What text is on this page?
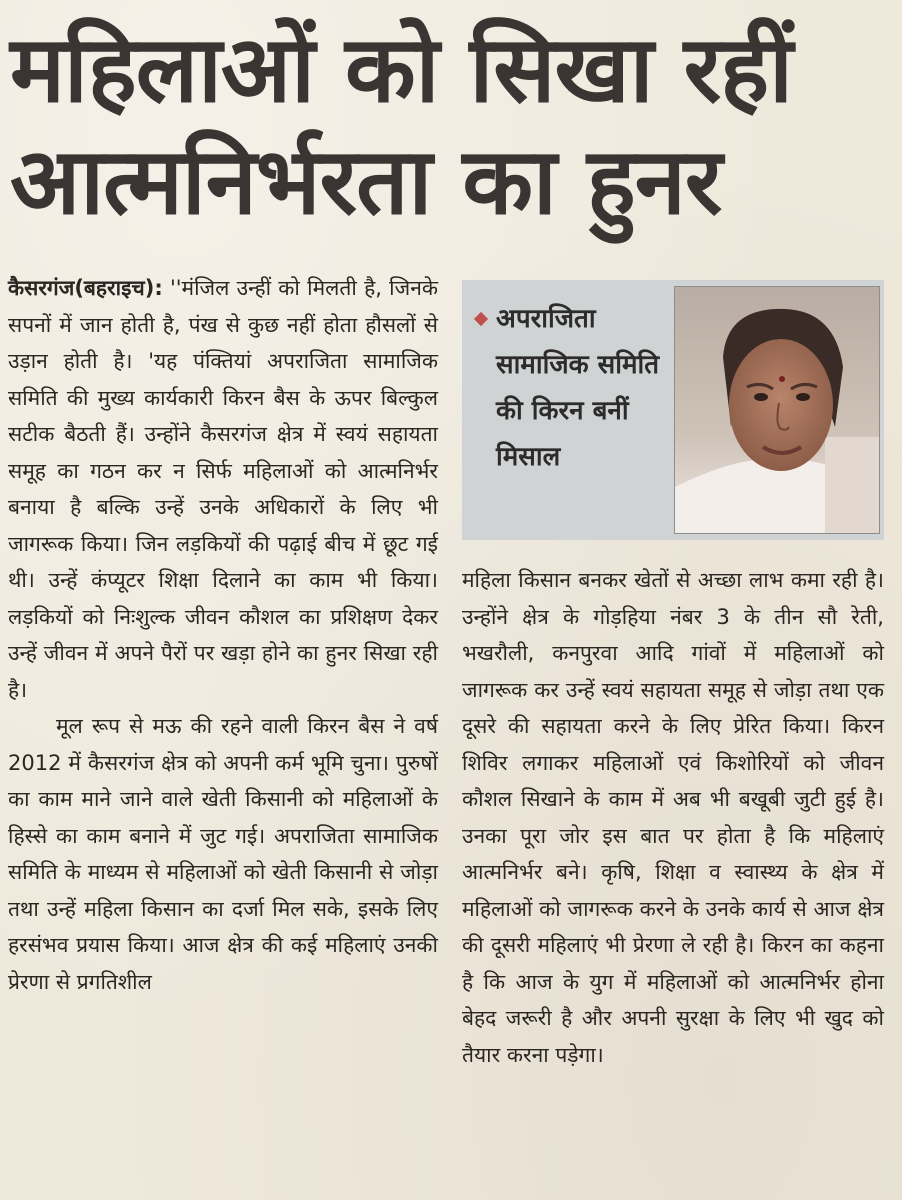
महिलाओं को सिखा रहीं
आत्मनिर्भरता का हुनर

कैसरगंज(बहराइच): ''मंजिल उन्हीं को मिलती है, जिनके सपनों में जान होती है, पंख से कुछ नहीं होता हौसलों से उड़ान होती है। 'यह पंक्तियां अपराजिता सामाजिक समिति की मुख्य कार्यकारी किरन बैस के ऊपर बिल्कुल सटीक बैठती हैं। उन्होंने कैसरगंज क्षेत्र में स्वयं सहायता समूह का गठन कर न सिर्फ महिलाओं को आत्मनिर्भर बनाया है बल्कि उन्हें उनके अधिकारों के लिए भी जागरूक किया। जिन लड़कियों की पढ़ाई बीच में छूट गई थी। उन्हें कंप्यूटर शिक्षा दिलाने का काम भी किया। लड़कियों को निःशुल्क जीवन कौशल का प्रशिक्षण देकर उन्हें जीवन में अपने पैरों पर खड़ा होने का हुनर सिखा रही है।

मूल रूप से मऊ की रहने वाली किरन बैस ने वर्ष 2012 में कैसरगंज क्षेत्र को अपनी कर्म भूमि चुना। पुरुषों का काम माने जाने वाले खेती किसानी को महिलाओं के हिस्से का काम बनाने में जुट गई। अपराजिता सामाजिक समिति के माध्यम से महिलाओं को खेती किसानी से जोड़ा तथा उन्हें महिला किसान का दर्जा मिल सके, इसके लिए हरसंभव प्रयास किया। आज क्षेत्र की कई महिलाएं उनकी प्रेरणा से प्रगतिशील

अपराजिता सामाजिक समिति की किरन बनीं मिसाल

महिला किसान बनकर खेतों से अच्छा लाभ कमा रही है। उन्होंने क्षेत्र के गोड़हिया नंबर 3 के तीन सौ रेती, भखरौली, कनपुरवा आदि गांवों में महिलाओं को जागरूक कर उन्हें स्वयं सहायता समूह से जोड़ा तथा एक दूसरे की सहायता करने के लिए प्रेरित किया। किरन शिविर लगाकर महिलाओं एवं किशोरियों को जीवन कौशल सिखाने के काम में अब भी बखूबी जुटी हुई है। उनका पूरा जोर इस बात पर होता है कि महिलाएं आत्मनिर्भर बने। कृषि, शिक्षा व स्वास्थ्य के क्षेत्र में महिलाओं को जागरूक करने के उनके कार्य से आज क्षेत्र की दूसरी महिलाएं भी प्रेरणा ले रही है। किरन का कहना है कि आज के युग में महिलाओं को आत्मनिर्भर होना बेहद जरूरी है और अपनी सुरक्षा के लिए भी खुद को तैयार करना पड़ेगा।
